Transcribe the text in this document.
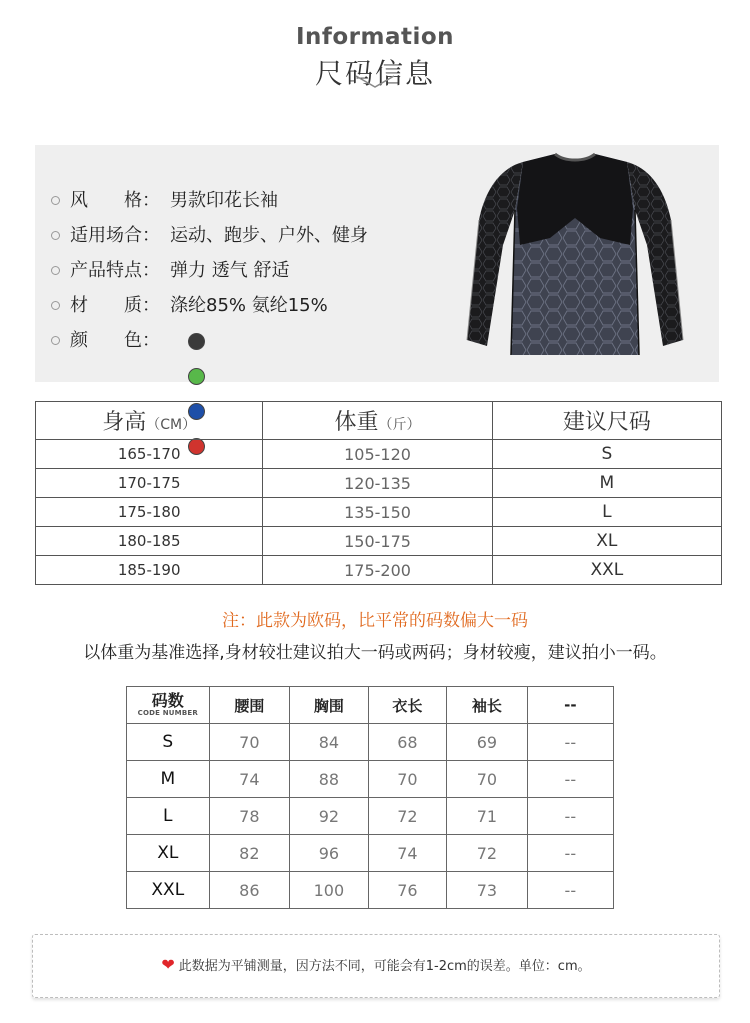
Information
尺码信息
风　　格： 男款印花长袖
适用场合： 运动、跑步、户外、健身
产品特点： 弹力 透气 舒适
材　　质： 涤纶85% 氨纶15%
颜　　色：
身高（CM）	体重（斤）	建议尺码
165-170	105-120	S
170-175	120-135	M
175-180	135-150	L
180-185	150-175	XL
185-190	175-200	XXL
注：此款为欧码，比平常的码数偏大一码
以体重为基准选择,身材较壮建议拍大一码或两码；身材较瘦，建议拍小一码。
码数
CODE NUMBER	腰围	胸围	衣长	袖长	--
S	70	84	68	69	--
M	74	88	70	70	--
L	78	92	72	71	--
XL	82	96	74	72	--
XXL	86	100	76	73	--
❤ 此数据为平铺测量，因方法不同，可能会有1-2cm的误差。单位：cm。
